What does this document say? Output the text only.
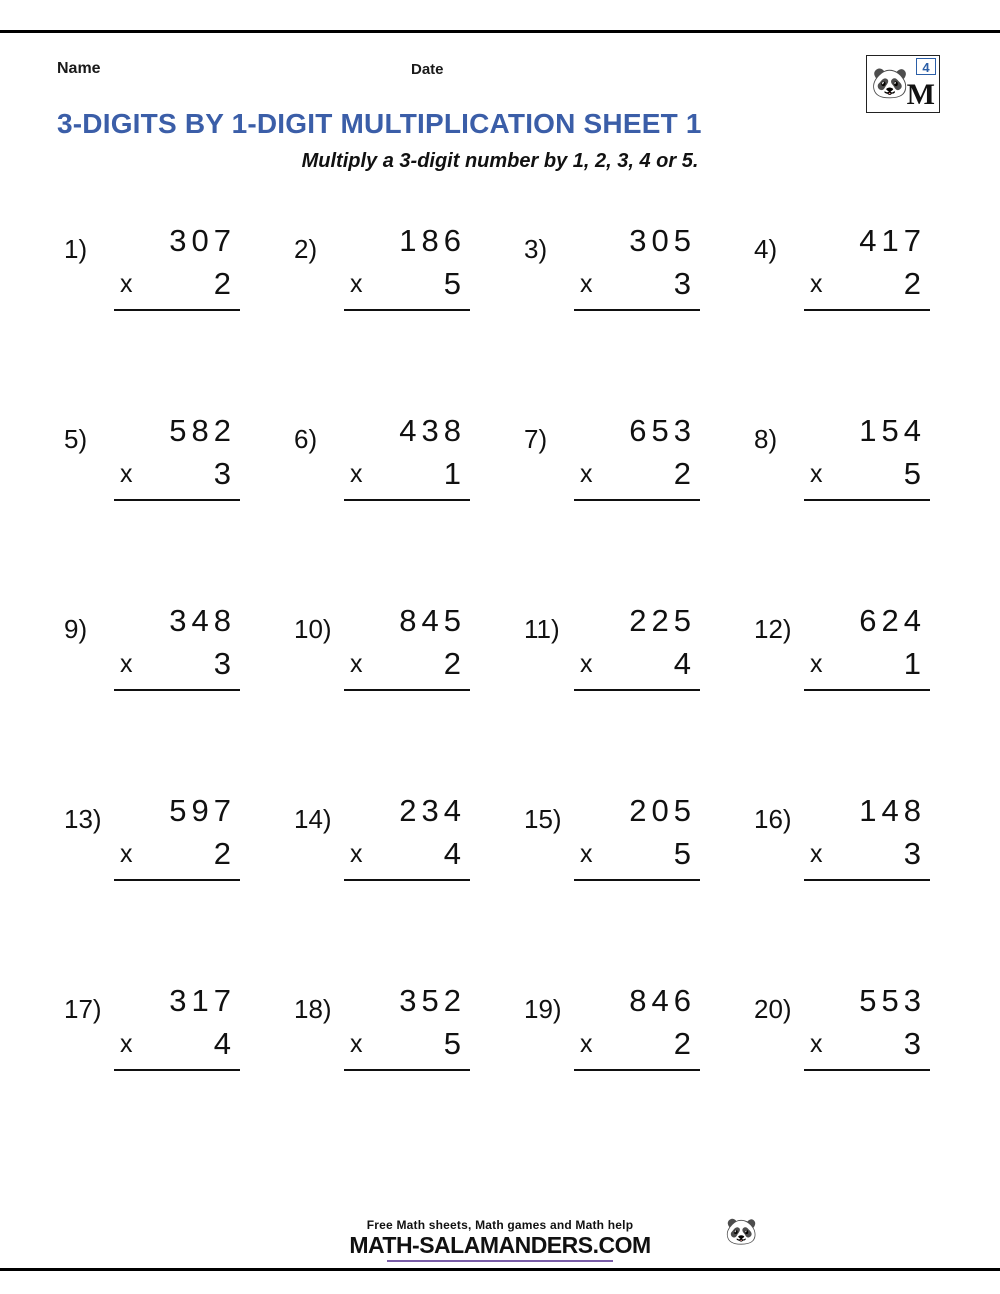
Name	Date	🐼	4
M
3-DIGITS BY 1-DIGIT MULTIPLICATION SHEET 1
Multiply a 3-digit number by 1, 2, 3, 4 or 5.
1)	307
x	2
2)	186
x	5
3)	305
x	3
4)	417
x	2
5)	582
x	3
6)	438
x	1
7)	653
x	2
8)	154
x	5
9)	348
x	3
10)	845
x	2
11)	225
x	4
12)	624
x	1
13)	597
x	2
14)	234
x	4
15)	205
x	5
16)	148
x	3
17)	317
x	4
18)	352
x	5
19)	846
x	2
20)	553
x	3
🐼
Free Math sheets, Math games and Math help
MATH-SALAMANDERS.COM
